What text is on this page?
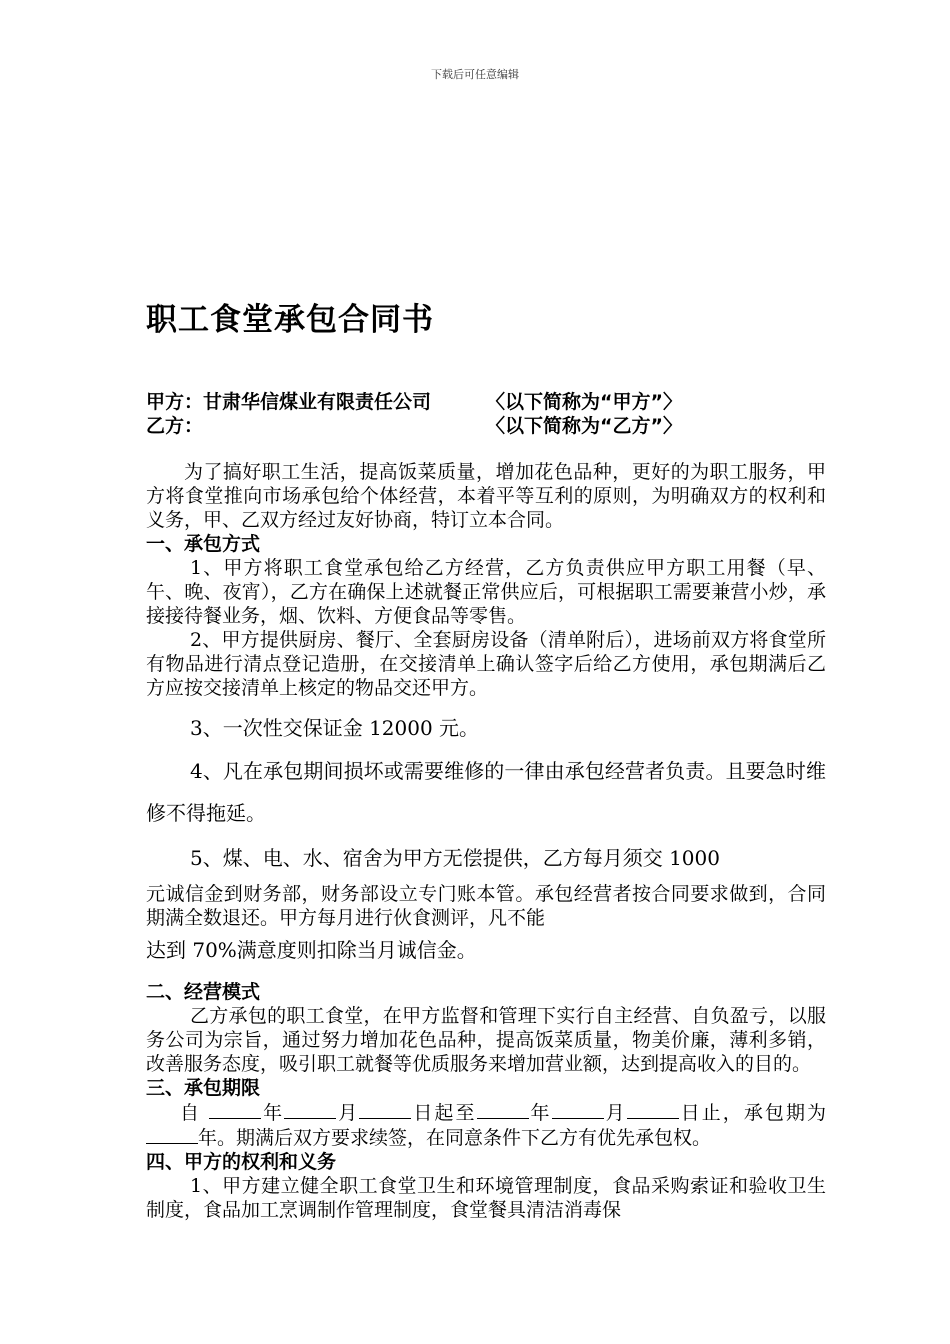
下载后可任意编辑
职工食堂承包合同书
甲方：甘肃华信煤业有限责任公司	〈以下简称为“甲方”〉
乙方：	〈以下简称为“乙方”〉

为了搞好职工生活，提高饭菜质量，增加花色品种，更好的为职工服务，甲方将食堂推向市场承包给个体经营，本着平等互利的原则，为明确双方的权利和义务，甲、乙双方经过友好协商，特订立本合同。

一、承包方式

1、甲方将职工食堂承包给乙方经营，乙方负责供应甲方职工用餐（早、午、晚、夜宵），乙方在确保上述就餐正常供应后，可根据职工需要兼营小炒，承接接待餐业务，烟、饮料、方便食品等零售。

2、甲方提供厨房、餐厅、全套厨房设备（清单附后），进场前双方将食堂所有物品进行清点登记造册，在交接清单上确认签字后给乙方使用，承包期满后乙方应按交接清单上核定的物品交还甲方。

3、一次性交保证金 12000 元。

4、凡在承包期间损坏或需要维修的一律由承包经营者负责。且要急时维修不得拖延。

5、煤、电、水、宿舍为甲方无偿提供，乙方每月须交 1000

元诚信金到财务部，财务部设立专门账本管。承包经营者按合同要求做到，合同期满全数退还。甲方每月进行伙食测评，凡不能

达到 70%满意度则扣除当月诚信金。

二、经营模式

乙方承包的职工食堂，在甲方监督和管理下实行自主经营、自负盈亏，以服务公司为宗旨，通过努力增加花色品种，提高饭菜质量，物美价廉，薄利多销，改善服务态度，吸引职工就餐等优质服务来增加营业额，达到提高收入的目的。

三、承包期限

自	年	月	日起至	年	月	日止，承包期为年。期满后双方要求续签，在同意条件下乙方有优先承包权。

四、甲方的权利和义务

1、甲方建立健全职工食堂卫生和环境管理制度，食品采购索证和验收卫生制度，食品加工烹调制作管理制度，食堂餐具清洁消毒保
